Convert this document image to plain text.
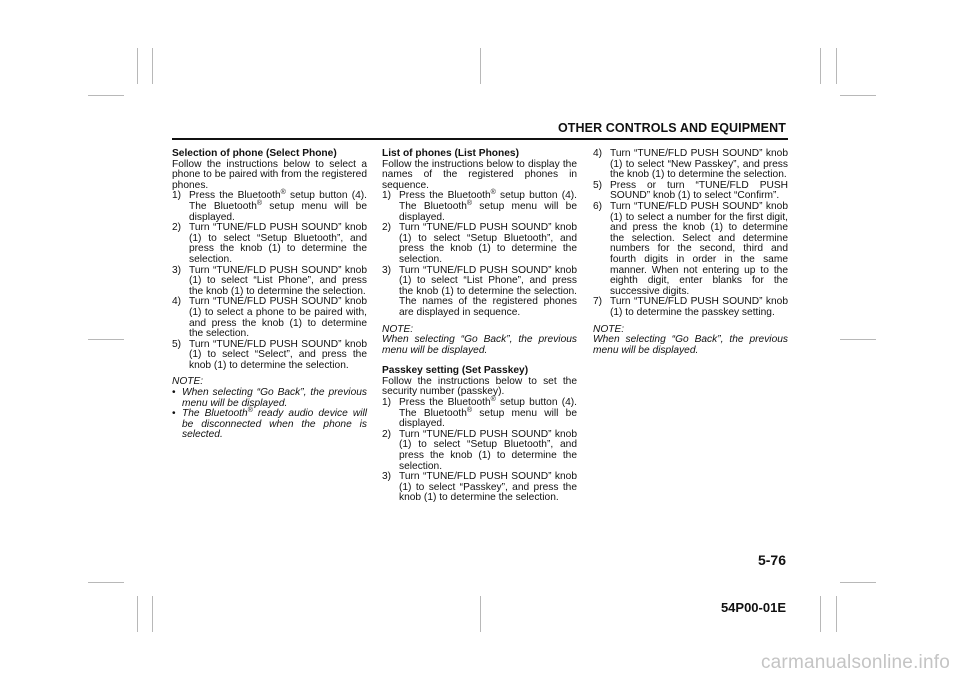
OTHER CONTROLS AND EQUIPMENT
Selection of phone (Select Phone)

Follow the instructions below to select a phone to be paired with from the registered phones.

1) Press the Bluetooth® setup button (4). The Bluetooth® setup menu will be displayed.
2) Turn “TUNE/FLD PUSH SOUND” knob (1) to select “Setup Bluetooth”, and press the knob (1) to determine the selection.
3) Turn “TUNE/FLD PUSH SOUND” knob (1) to select “List Phone”, and press the knob (1) to determine the selection.
4) Turn “TUNE/FLD PUSH SOUND” knob (1) to select a phone to be paired with, and press the knob (1) to determine the selection.
5) Turn “TUNE/FLD PUSH SOUND” knob (1) to select “Select”, and press the knob (1) to determine the selection.
NOTE:
• When selecting “Go Back”, the previous menu will be displayed.
• The Bluetooth® ready audio device will be disconnected when the phone is selected.
List of phones (List Phones)

Follow the instructions below to display the names of the registered phones in sequence.

1) Press the Bluetooth® setup button (4). The Bluetooth® setup menu will be displayed.
2) Turn “TUNE/FLD PUSH SOUND” knob (1) to select “Setup Bluetooth”, and press the knob (1) to determine the selection.
3) Turn “TUNE/FLD PUSH SOUND” knob (1) to select “List Phone”, and press the knob (1) to determine the selection. The names of the registered phones are displayed in sequence.
NOTE:
When selecting “Go Back”, the previous menu will be displayed.
Passkey setting (Set Passkey)

Follow the instructions below to set the security number (passkey).

1) Press the Bluetooth® setup button (4). The Bluetooth® setup menu will be displayed.
2) Turn “TUNE/FLD PUSH SOUND” knob (1) to select “Setup Bluetooth”, and press the knob (1) to determine the selection.
3) Turn “TUNE/FLD PUSH SOUND” knob (1) to select “Passkey”, and press the knob (1) to determine the selection.
4) Turn “TUNE/FLD PUSH SOUND” knob (1) to select “New Passkey”, and press the knob (1) to determine the selection.
5) Press or turn “TUNE/FLD PUSH SOUND” knob (1) to select “Confirm”.
6) Turn “TUNE/FLD PUSH SOUND” knob (1) to select a number for the first digit, and press the knob (1) to determine the selection. Select and determine numbers for the second, third and fourth digits in order in the same manner. When not entering up to the eighth digit, enter blanks for the successive digits.
7) Turn “TUNE/FLD PUSH SOUND” knob (1) to determine the passkey setting.
NOTE:
When selecting “Go Back”, the previous menu will be displayed.
5-76
54P00-01E
carmanualsonline.info
